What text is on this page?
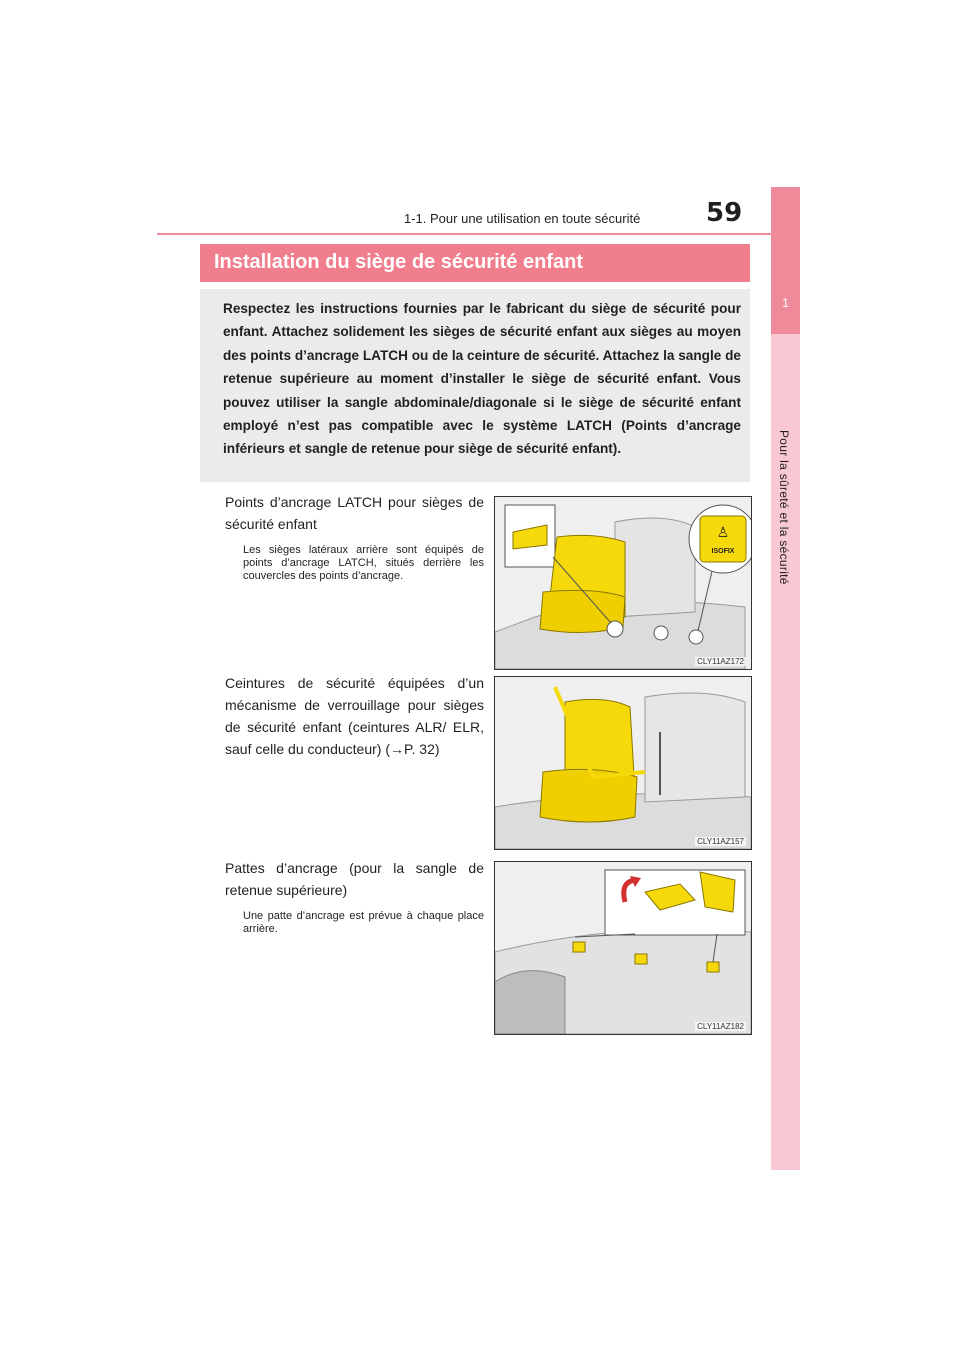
1
Pour la sûreté et la sécurité
1-1. Pour une utilisation en toute sécurité	59
Installation du siège de sécurité enfant

Respectez les instructions fournies par le fabricant du siège de sécurité pour enfant. Attachez solidement les sièges de sécurité enfant aux sièges au moyen des points d’ancrage LATCH ou de la ceinture de sécurité. Attachez la sangle de retenue supérieure au moment d’installer le siège de sécurité enfant. Vous pouvez utiliser la sangle abdominale/diagonale si le siège de sécurité enfant employé n’est pas compatible avec le système LATCH (Points d’ancrage inférieurs et sangle de retenue pour siège de sécurité enfant).

Points d’ancrage LATCH pour sièges de sécurité enfant

Les sièges latéraux arrière sont équipés de points d’ancrage LATCH, situés derrière les couvercles des points d’ancrage.

♙
ISOFIX
CLY11AZ172

Ceintures de sécurité équipées d’un mécanisme de verrouillage pour sièges de sécurité enfant (ceintures ALR/ ELR, sauf celle du conducteur) (→P. 32)

CLY11AZ157

Pattes d’ancrage (pour la sangle de retenue supérieure)

Une patte d’ancrage est prévue à chaque place arrière.

CLY11AZ182
